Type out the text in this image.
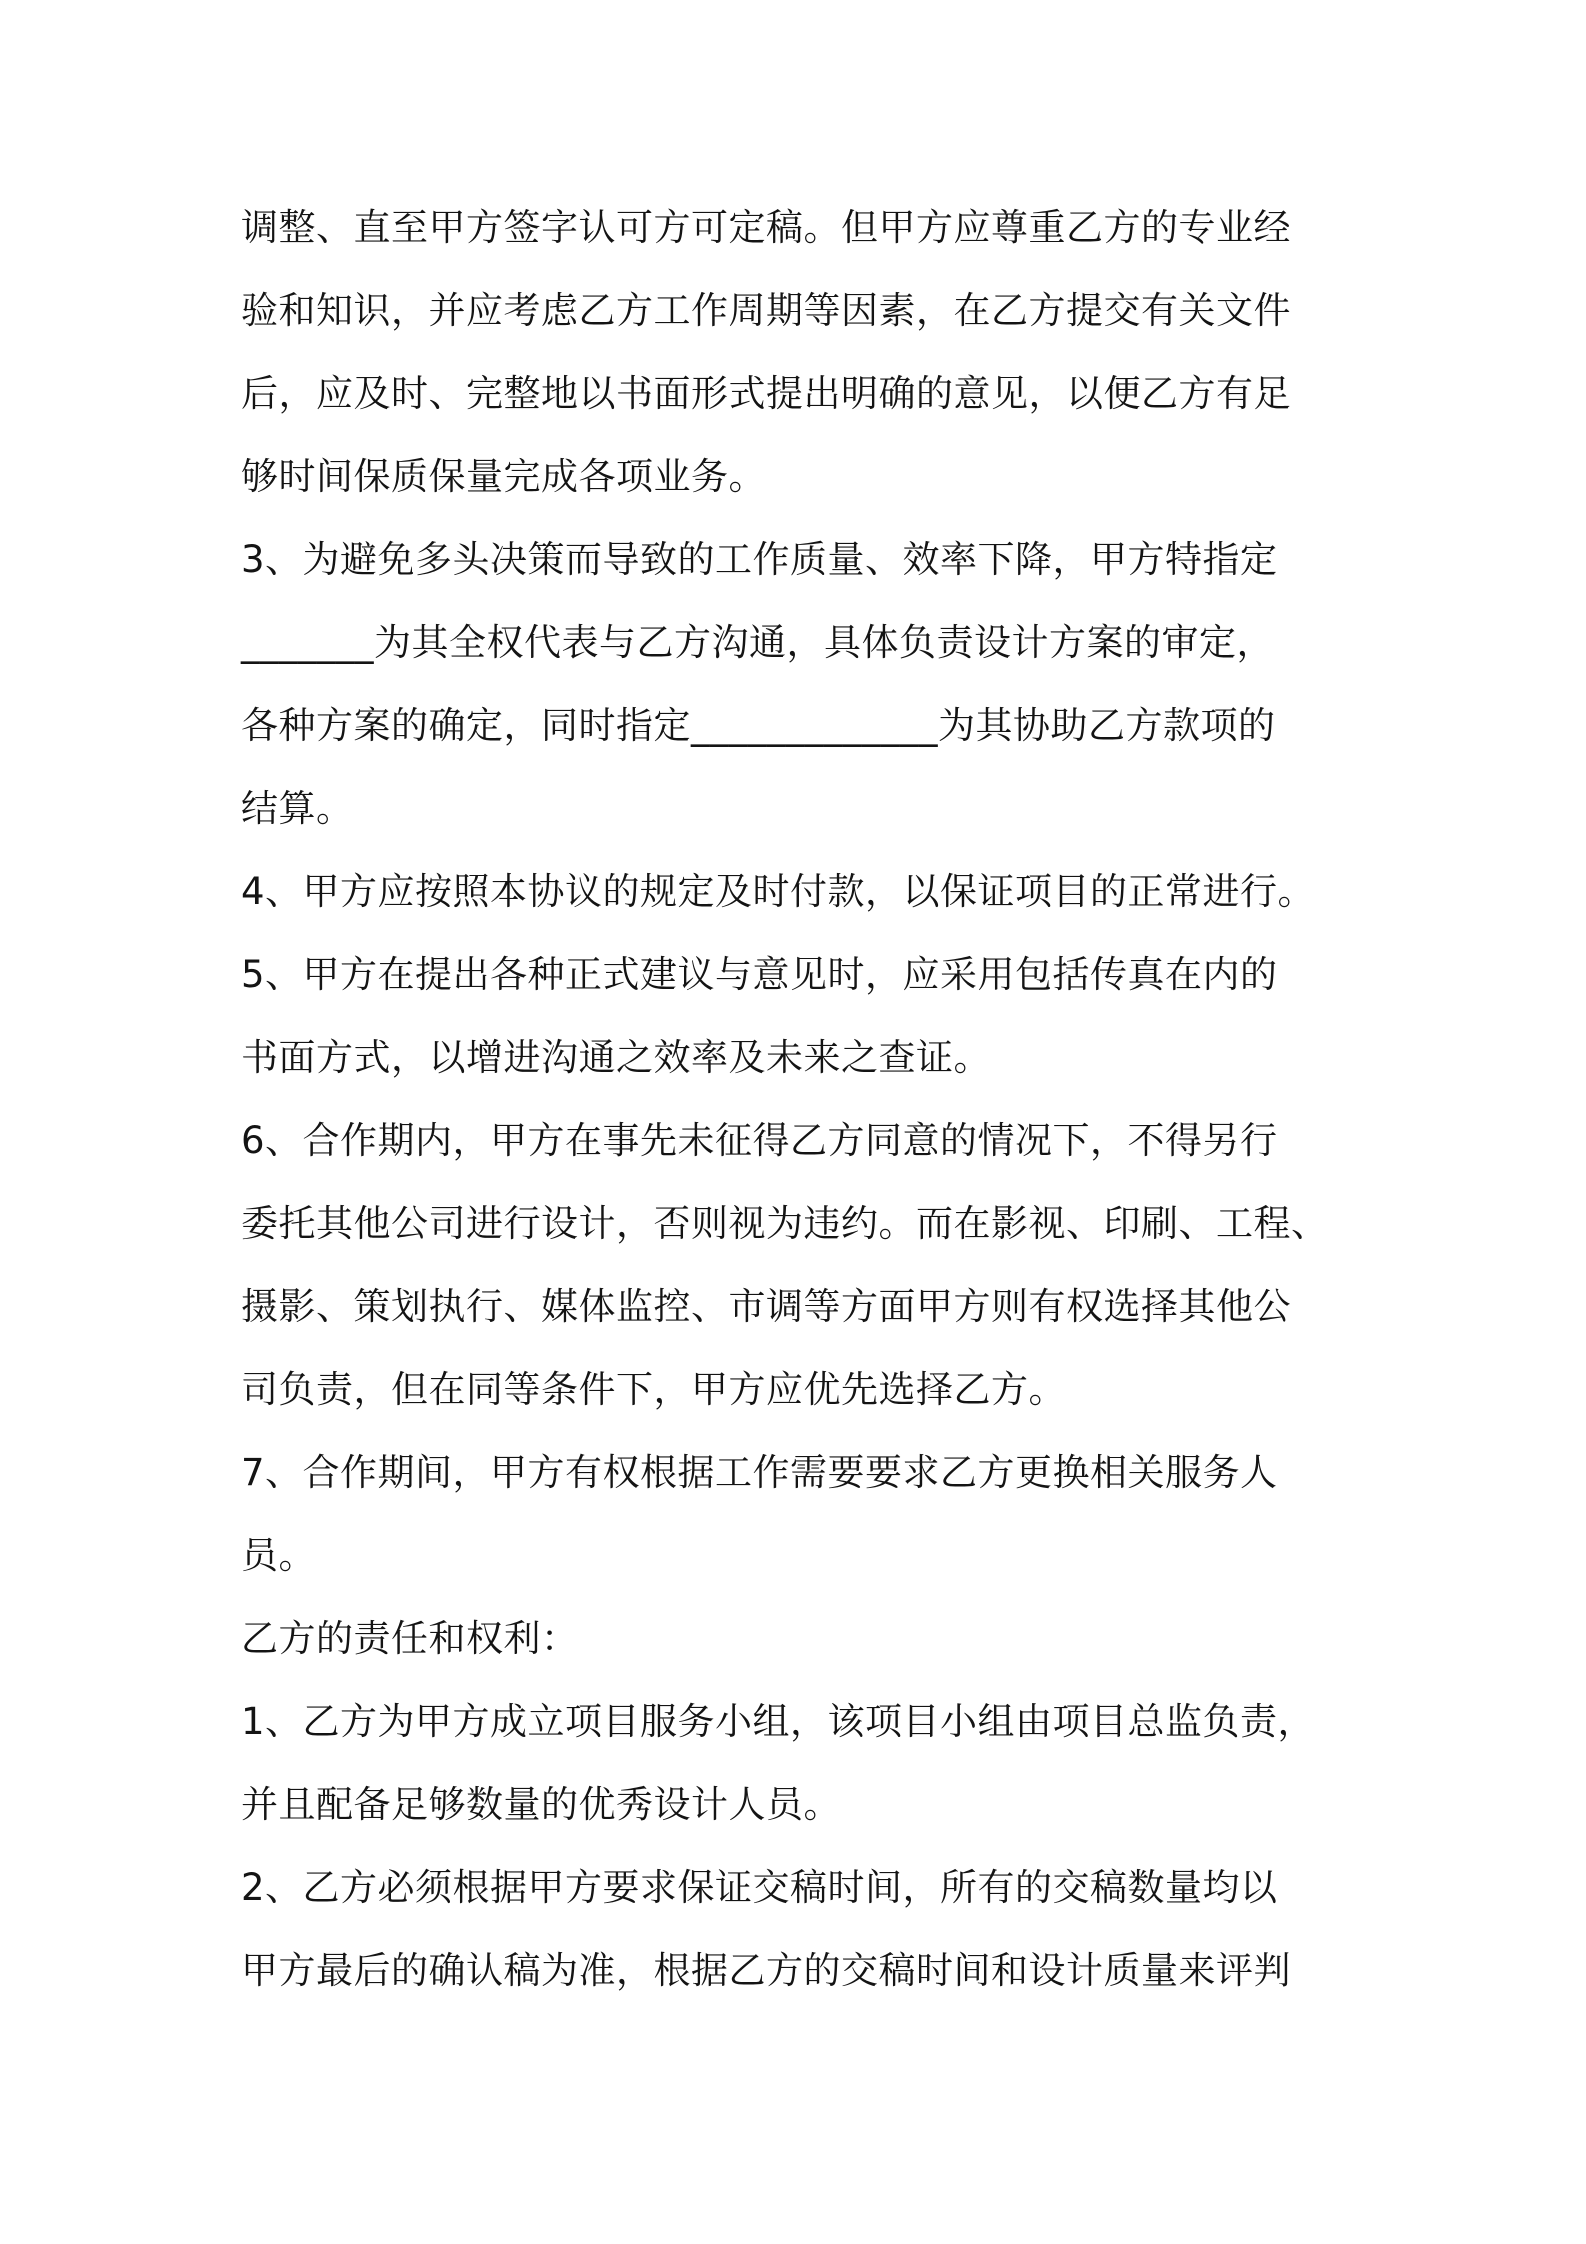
调整、直至甲方签字认可方可定稿。但甲方应尊重乙方的专业经
验和知识，并应考虑乙方工作周期等因素，在乙方提交有关文件
后，应及时、完整地以书面形式提出明确的意见，以便乙方有足
够时间保质保量完成各项业务。
3、为避免多头决策而导致的工作质量、效率下降，甲方特指定
_______为其全权代表与乙方沟通，具体负责设计方案的审定，
各种方案的确定，同时指定_____________为其协助乙方款项的
结算。
4、甲方应按照本协议的规定及时付款，以保证项目的正常进行。
5、甲方在提出各种正式建议与意见时，应采用包括传真在内的
书面方式，以增进沟通之效率及未来之查证。
6、合作期内，甲方在事先未征得乙方同意的情况下，不得另行
委托其他公司进行设计，否则视为违约。而在影视、印刷、工程、
摄影、策划执行、媒体监控、市调等方面甲方则有权选择其他公
司负责，但在同等条件下，甲方应优先选择乙方。
7、合作期间，甲方有权根据工作需要要求乙方更换相关服务人
员。
乙方的责任和权利：
1、乙方为甲方成立项目服务小组，该项目小组由项目总监负责，
并且配备足够数量的优秀设计人员。
2、乙方必须根据甲方要求保证交稿时间，所有的交稿数量均以
甲方最后的确认稿为准，根据乙方的交稿时间和设计质量来评判
